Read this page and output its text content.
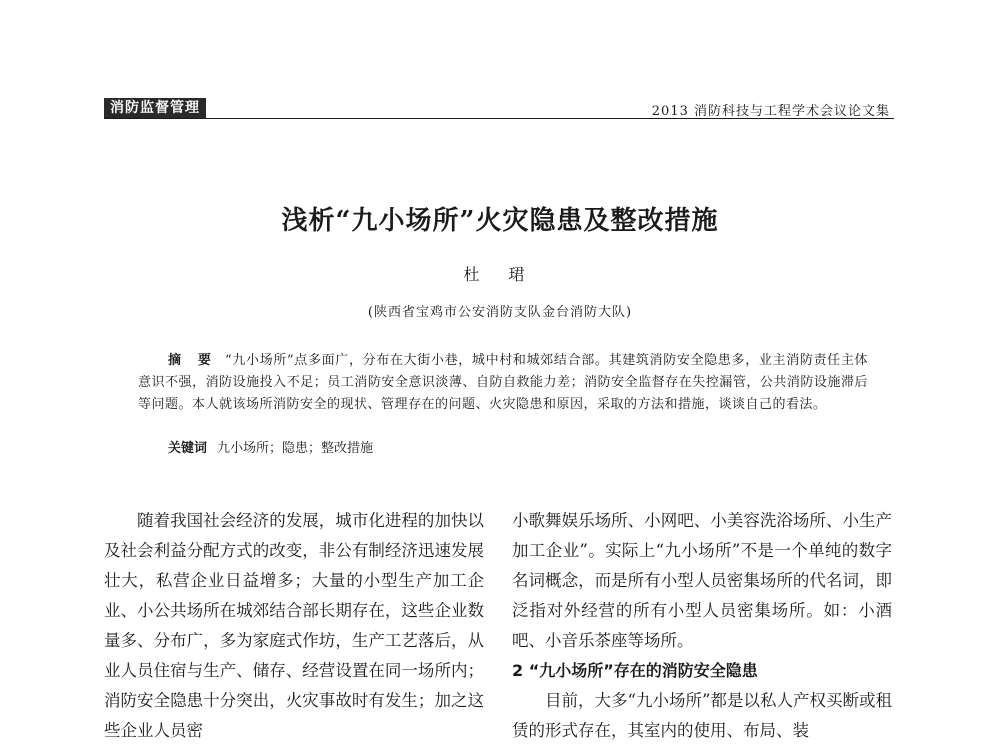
消防监督管理	2013 消防科技与工程学术会议论文集
浅析“九小场所”火灾隐患及整改措施
杜 珺
(陕西省宝鸡市公安消防支队金台消防大队)
摘 要 “九小场所”点多面广，分布在大街小巷，城中村和城郊结合部。其建筑消防安全隐患多，业主消防责任主体意识不强，消防设施投入不足；员工消防安全意识淡薄、自防自救能力差；消防安全监督存在失控漏管，公共消防设施滞后等问题。本人就该场所消防安全的现状、管理存在的问题、火灾隐患和原因，采取的方法和措施，谈谈自己的看法。
关键词 九小场所；隐患；整改措施

随着我国社会经济的发展，城市化进程的加快以及社会利益分配方式的改变，非公有制经济迅速发展壮大，私营企业日益增多；大量的小型生产加工企业、小公共场所在城郊结合部长期存在，这些企业数量多、分布广，多为家庭式作坊，生产工艺落后，从业人员住宿与生产、储存、经营设置在同一场所内；消防安全隐患十分突出，火灾事故时有发生；加之这些企业人员密

小歌舞娱乐场所、小网吧、小美容洗浴场所、小生产加工企业”。实际上“九小场所”不是一个单纯的数字名词概念，而是所有小型人员密集场所的代名词，即泛指对外经营的所有小型人员密集场所。如：小酒吧、小音乐茶座等场所。

2 “九小场所”存在的消防安全隐患

目前，大多“九小场所”都是以私人产权买断或租赁的形式存在，其室内的使用、布局、装
